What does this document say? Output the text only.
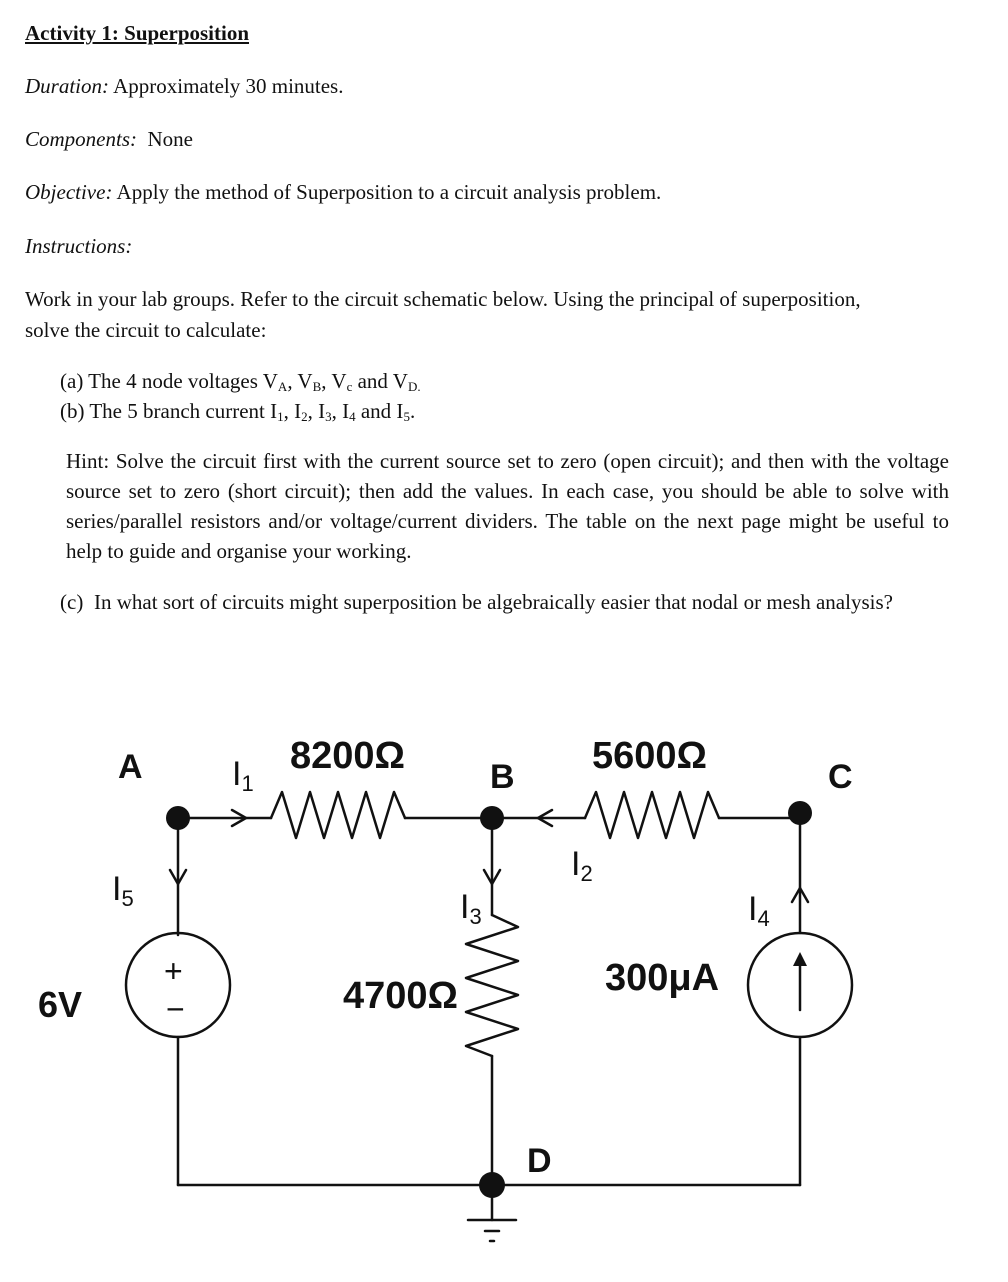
Activity 1: Superposition
Duration: Approximately 30 minutes.
Components: None
Objective: Apply the method of Superposition to a circuit analysis problem.
Instructions:
Work in your lab groups. Refer to the circuit schematic below. Using the principal of superposition,
solve the circuit to calculate:
(a) The 4 node voltages $V_A$, $V_B$, $V_c$ and $V_{D.}$
(b) The 5 branch current $I_1$, $I_2$, $I_3$, $I_4$ and $I_5$.
Hint: Solve the circuit first with the current source set to zero (open circuit); and then with the voltage source set to zero (short circuit); then add the values. In each case, you should be able to solve with series/parallel resistors and/or voltage/current dividers. The table on the next page might be useful to help to guide and organise your working.
(c) In what sort of circuits might superposition be algebraically easier that nodal or mesh analysis?
A	B	C
D
8200Ω	5600Ω
4700Ω
6V
300μA
+
−
I1
I2
I3	I4
I5
